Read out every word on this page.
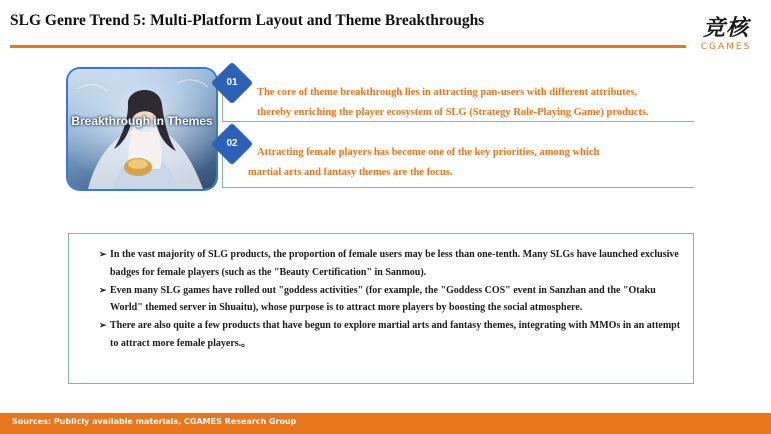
SLG Genre Trend 5: Multi-Platform Layout and Theme Breakthroughs	竞核
CGAMES
Breakthrough in Themes
01
02
The core of theme breakthrough lies in attracting pan-users with different attributes,
thereby enriching the player ecosystem of SLG (Strategy Role-Playing Game) products.
Attracting female players has become one of the key priorities, among which
martial arts and fantasy themes are the focus.
➢ In the vast majority of SLG products, the proportion of female users may be less than one-tenth. Many SLGs have launched exclusive badges for female players (such as the "Beauty Certification" in Sanmou).
➢ Even many SLG games have rolled out "goddess activities" (for example, the "Goddess COS" event in Sanzhan and the "Otaku World" themed server in Shuaitu), whose purpose is to attract more players by boosting the social atmosphere.
➢ There are also quite a few products that have begun to explore martial arts and fantasy themes, integrating with MMOs in an attempt to attract more female players.。
Sources: Publicly available materials, CGAMES Research Group
